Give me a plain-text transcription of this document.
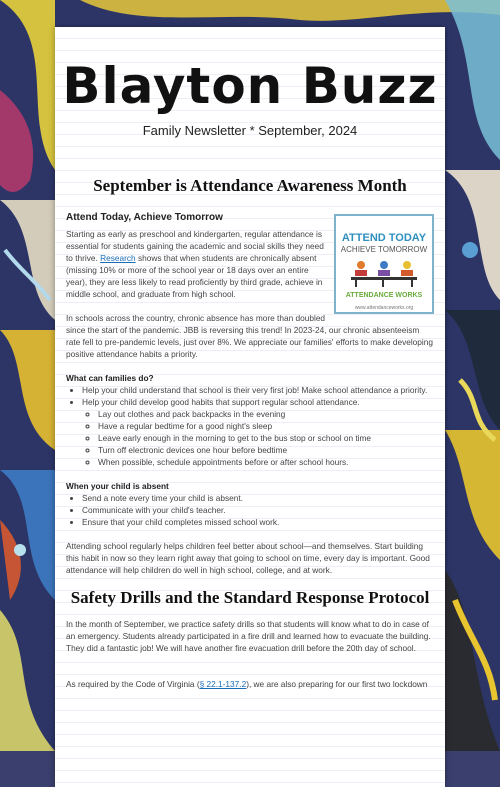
Blayton Buzz
Family Newsletter * September, 2024
September is Attendance Awareness Month
ATTEND TODAY
ACHIEVE TOMORROW
ATTENDANCE WORKS
www.attendanceworks.org
Attend Today, Achieve Tomorrow

Starting as early as preschool and kindergarten, regular attendance is essential for students gaining the academic and social skills they need to thrive. Research shows that when students are chronically absent (missing 10% or more of the school year or 18 days over an entire year), they are less likely to read proficiently by third grade, achieve in middle school, and graduate from high school.

In schools across the country, chronic absence has more than doubled since the start of the pandemic. JBB is reversing this trend! In 2023-24, our chronic absenteeism rate fell to pre-pandemic levels, just over 8%. We appreciate our families' efforts to make developing positive attendance habits a priority.

What can families do?
• Help your child understand that school is their very first job! Make school attendance a priority.
• Help your child develop good habits that support regular school attendance.
◦ Lay out clothes and pack backpacks in the evening
◦ Have a regular bedtime for a good night's sleep
◦ Leave early enough in the morning to get to the bus stop or school on time
◦ Turn off electronic devices one hour before bedtime
◦ When possible, schedule appointments before or after school hours.
When your child is absent
• Send a note every time your child is absent.
• Communicate with your child's teacher.
• Ensure that your child completes missed school work.

Attending school regularly helps children feel better about school—and themselves. Start building this habit in now so they learn right away that going to school on time, every day is important. Good attendance will help children do well in high school, college, and at work.

Safety Drills and the Standard Response Protocol

In the month of September, we practice safety drills so that students will know what to do in case of an emergency. Students already participated in a fire drill and learned how to evacuate the building. They did a fantastic job! We will have another fire evacuation drill before the 20th day of school.

As required by the Code of Virginia (§ 22.1-137.2), we are also preparing for our first two lockdown
